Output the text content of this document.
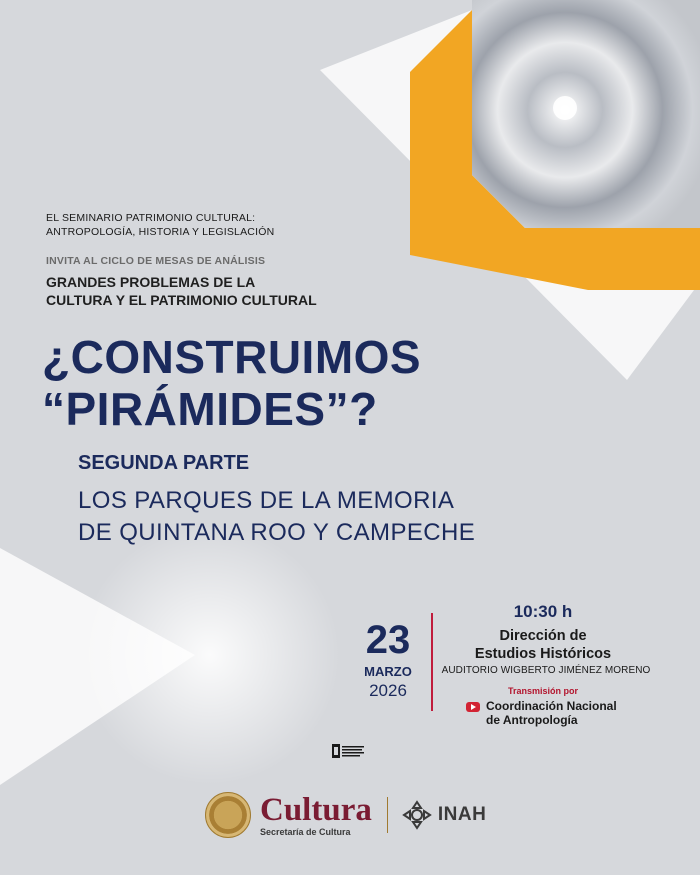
EL SEMINARIO PATRIMONIO CULTURAL:
ANTROPOLOGÍA, HISTORIA Y LEGISLACIÓN
INVITA AL CICLO DE MESAS DE ANÁLISIS
GRANDES PROBLEMAS DE LA
CULTURA Y EL PATRIMONIO CULTURAL
¿CONSTRUIMOS
“PIRÁMIDES”?
SEGUNDA PARTE
LOS PARQUES DE LA MEMORIA
DE QUINTANA ROO Y CAMPECHE
23
MARZO
2026
10:30 h
Dirección de
Estudios Históricos
AUDITORIO WIGBERTO JIMÉNEZ MORENO
Transmisión por
Coordinación Nacional
de Antropología
Cultura
Secretaría de Cultura
INAH
